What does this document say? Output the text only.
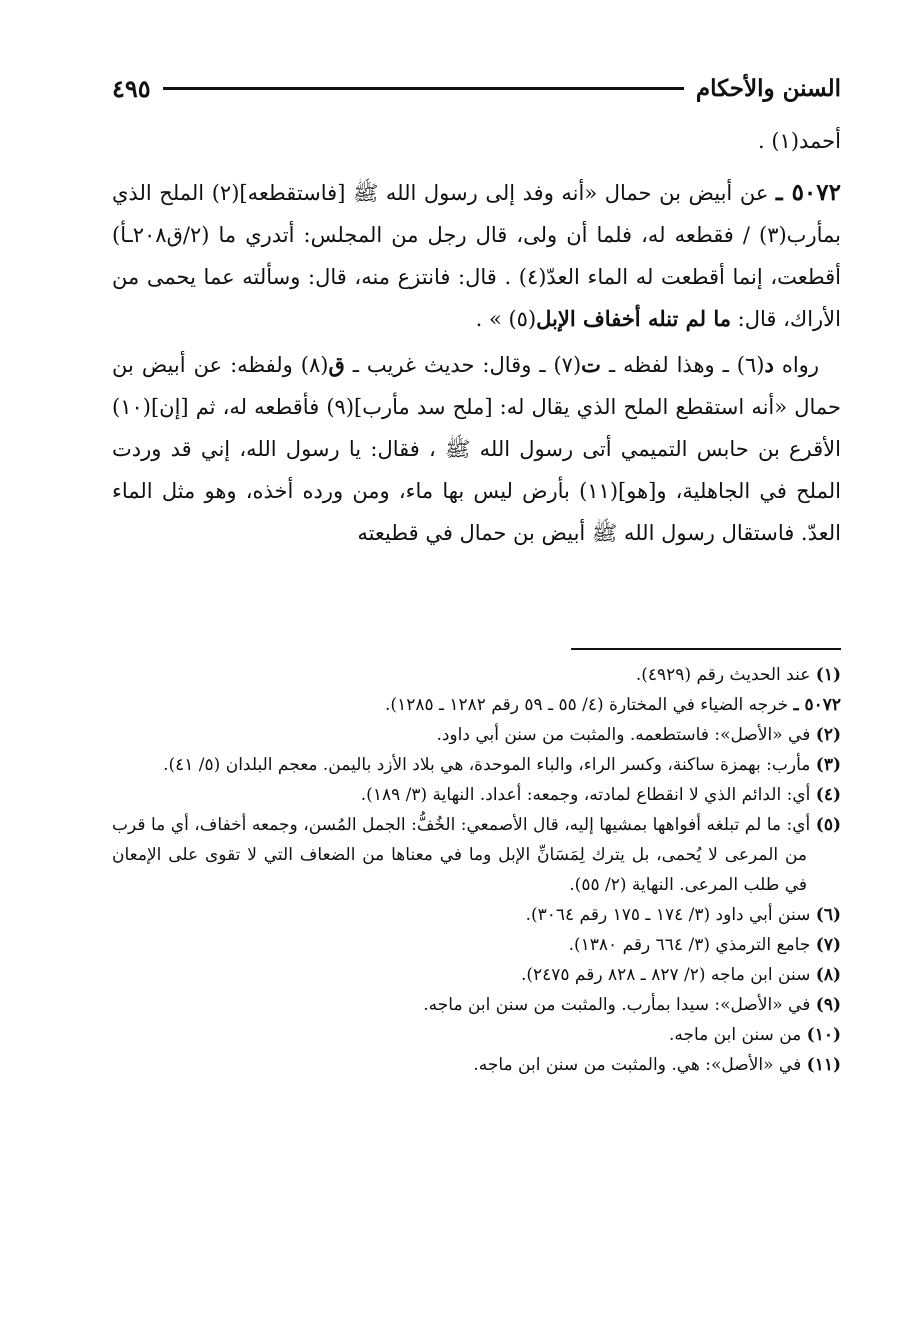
السنن والأحكام
٤٩٥

أحمد(١) .

٥٠٧٢ ـ عن أبيض بن حمال «أنه وفد إلى رسول الله ﷺ [فاستقطعه](٢) الملح الذي بمأرب(٣) / فقطعه له، فلما أن ولى، قال رجل من المجلس: أتدري ما (٢/ق٢٠٨ـأ) أقطعت، إنما أقطعت له الماء العدّ(٤) . قال: فانتزع منه، قال: وسألته عما يحمى من الأراك، قال: ما لم تنله أخفاف الإبل(٥) » .

رواه د(٦) ـ وهذا لفظه ـ ت(٧) ـ وقال: حديث غريب ـ ق(٨) ولفظه: عن أبيض بن حمال «أنه استقطع الملح الذي يقال له: [ملح سد مأرب](٩) فأقطعه له، ثم [إن](١٠) الأقرع بن حابس التميمي أتى رسول الله ﷺ ، فقال: يا رسول الله، إني قد وردت الملح في الجاهلية، و[هو](١١) بأرض ليس بها ماء، ومن ورده أخذه، وهو مثل الماء العدّ. فاستقال رسول الله ﷺ أبيض بن حمال في قطيعته

(١) عند الحديث رقم (٤٩٢٩).

٥٠٧٢ ـ خرجه الضياء في المختارة (٤/ ٥٥ ـ ٥٩ رقم ١٢٨٢ ـ ١٢٨٥).

(٢) في «الأصل»: فاستطعمه. والمثبت من سنن أبي داود.

(٣) مأرب: بهمزة ساكنة، وكسر الراء، والباء الموحدة، هي بلاد الأزد باليمن. معجم البلدان (٥/ ٤١).

(٤) أي: الدائم الذي لا انقطاع لمادته، وجمعه: أعداد. النهاية (٣/ ١٨٩).

(٥) أي: ما لم تبلغه أفواهها بمشيها إليه، قال الأصمعي: الخُفُّ: الجمل المُسن، وجمعه أخفاف، أي ما قرب من المرعى لا يُحمى، بل يترك لِمَسَانِّ الإبل وما في معناها من الضعاف التي لا تقوى على الإمعان في طلب المرعى. النهاية (٢/ ٥٥).

(٦) سنن أبي داود (٣/ ١٧٤ ـ ١٧٥ رقم ٣٠٦٤).

(٧) جامع الترمذي (٣/ ٦٦٤ رقم ١٣٨٠).

(٨) سنن ابن ماجه (٢/ ٨٢٧ ـ ٨٢٨ رقم ٢٤٧٥).

(٩) في «الأصل»: سيدا بمأرب. والمثبت من سنن ابن ماجه.

(١٠) من سنن ابن ماجه.

(١١) في «الأصل»: هي. والمثبت من سنن ابن ماجه.
